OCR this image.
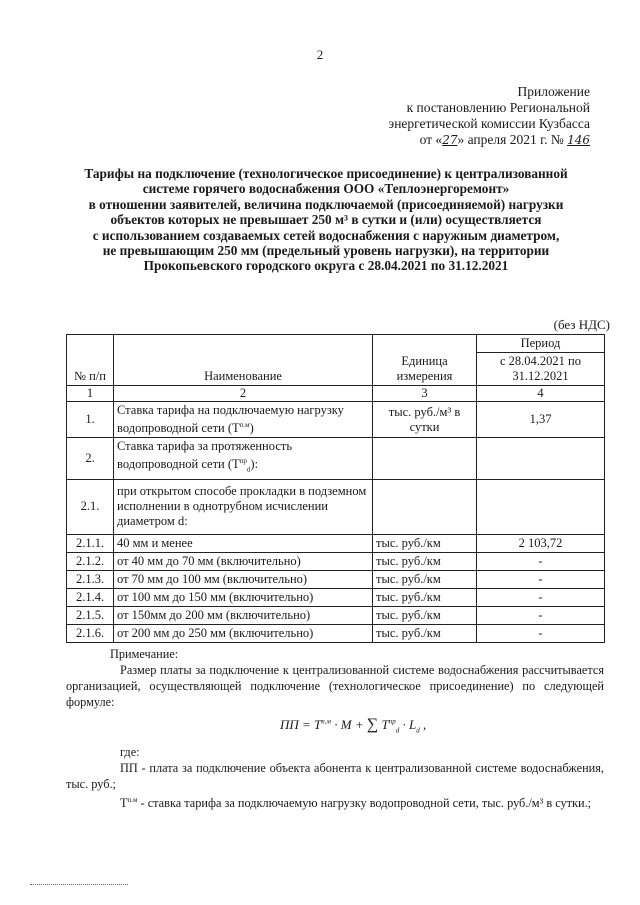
2
Приложение
к постановлению Региональной
энергетической комиссии Кузбасса
от «27» апреля 2021 г. № 146
Тарифы на подключение (технологическое присоединение) к централизованной
системе горячего водоснабжения ООО «Теплоэнергоремонт»
в отношении заявителей, величина подключаемой (присоединяемой) нагрузки
объектов которых не превышает 250 м³ в сутки и (или) осуществляется
с использованием создаваемых сетей водоснабжения с наружным диаметром,
не превышающим 250 мм (предельный уровень нагрузки), на территории
Прокопьевского городского округа с 28.04.2021 по 31.12.2021
(без НДС)
№ п/п	Наименование	Единица измерения	Период
			с 28.04.2021 по 31.12.2021
1	2	3	4
1.	Ставка тарифа на подключаемую нагрузку водопроводной сети $(Т^{п.м})$	тыс. руб./м³ в сутки	1,37
2.	Ставка тарифа за протяженность водопроводной сети $(Т^{пр}_d)$:		
2.1.	при открытом способе прокладки в подземном исполнении в однотрубном исчислении диаметром d:		
2.1.1.	40 мм и менее	тыс. руб./км	2 103,72
2.1.2.	от 40 мм до 70 мм (включительно)	тыс. руб./км	-
2.1.3.	от 70 мм до 100 мм (включительно)	тыс. руб./км	-
2.1.4.	от 100 мм до 150 мм (включительно)	тыс. руб./км	-
2.1.5.	от 150мм до 200 мм (включительно)	тыс. руб./км	-
2.1.6.	от 200 мм до 250 мм (включительно)	тыс. руб./км	-

Примечание:

Размер платы за подключение к централизованной системе водоснабжения рассчитывается организацией, осуществляющей подключение (технологическое присоединение) по следующей формуле:

ПП = $Т^{п.м} \cdot М$ + ∑ $Т^{пр}_d \cdot L_d$ ,

где:

ПП - плата за подключение объекта абонента к централизованной системе водоснабжения, тыс. руб.;

$Т^{п.м}$ - ставка тарифа за подключаемую нагрузку водопроводной сети, тыс. руб./м³ в сутки.;
